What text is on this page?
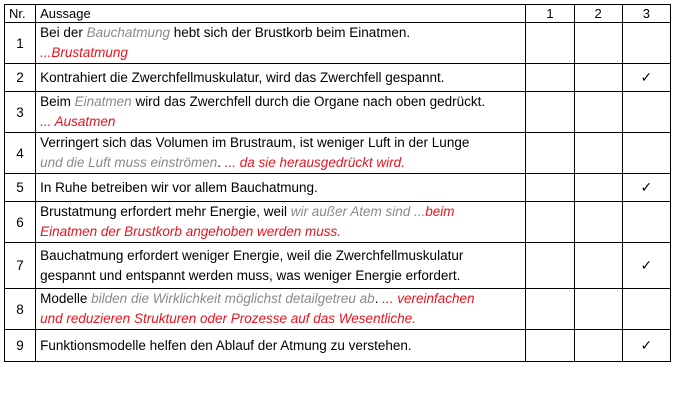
Nr.	Aussage	1	2	3
1	Bei der Bauchatmung hebt sich der Brustkorb beim Einatmen.
...Brustatmung			

2	Kontrahiert die Zwerchfellmuskulatur, wird das Zwerchfell gespannt.			✓
3	Beim Einatmen wird das Zwerchfell durch die Organe nach oben gedrückt.
... Ausatmen			

4	Verringert sich das Volumen im Brustraum, ist weniger Luft in der Lunge
und die Luft muss einströmen. ... da sie herausgedrückt wird.			

5	In Ruhe betreiben wir vor allem Bauchatmung.			✓
6	Brustatmung erfordert mehr Energie, weil wir außer Atem sind ...beim
Einatmen der Brustkorb angehoben werden muss.			

7	Bauchatmung erfordert weniger Energie, weil die Zwerchfellmuskulatur
gespannt und entspannt werden muss, was weniger Energie erfordert.			✓
8	Modelle bilden die Wirklichkeit möglichst detailgetreu ab. ... vereinfachen
und reduzieren Strukturen oder Prozesse auf das Wesentliche.			

9	Funktionsmodelle helfen den Ablauf der Atmung zu verstehen.			✓
